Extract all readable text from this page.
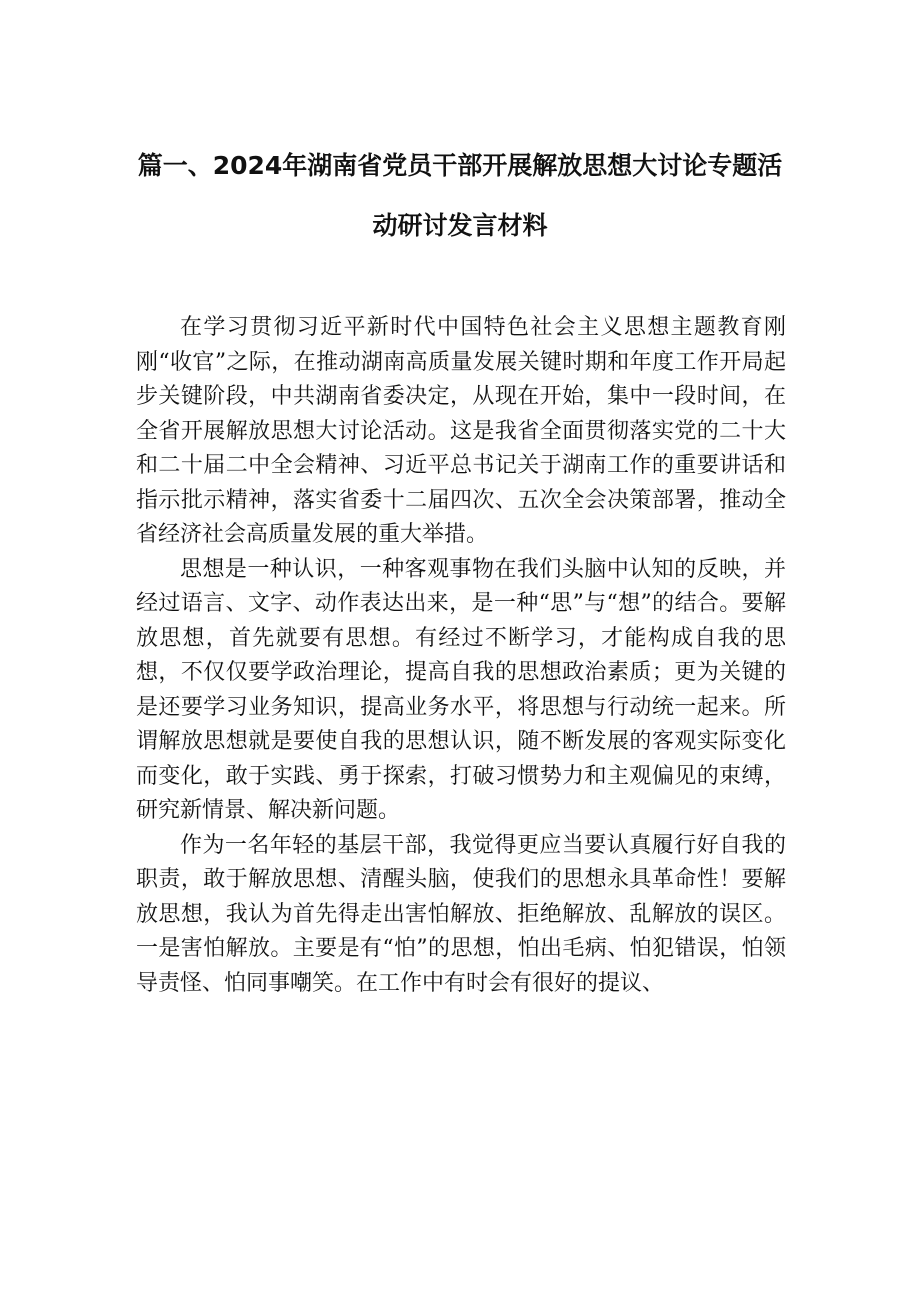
篇一、2024年湖南省党员干部开展解放思想大讨论专题活
动研讨发言材料

在学习贯彻习近平新时代中国特色社会主义思想主题教育刚刚“收官”之际，在推动湖南高质量发展关键时期和年度工作开局起步关键阶段，中共湖南省委决定，从现在开始，集中一段时间，在全省开展解放思想大讨论活动。这是我省全面贯彻落实党的二十大和二十届二中全会精神、习近平总书记关于湖南工作的重要讲话和指示批示精神，落实省委十二届四次、五次全会决策部署，推动全省经济社会高质量发展的重大举措。

思想是一种认识，一种客观事物在我们头脑中认知的反映，并经过语言、文字、动作表达出来，是一种“思”与“想”的结合。要解放思想，首先就要有思想。有经过不断学习，才能构成自我的思想，不仅仅要学政治理论，提高自我的思想政治素质；更为关键的是还要学习业务知识，提高业务水平，将思想与行动统一起来。所谓解放思想就是要使自我的思想认识，随不断发展的客观实际变化而变化，敢于实践、勇于探索，打破习惯势力和主观偏见的束缚，研究新情景、解决新问题。

作为一名年轻的基层干部，我觉得更应当要认真履行好自我的职责，敢于解放思想、清醒头脑，使我们的思想永具革命性！要解放思想，我认为首先得走出害怕解放、拒绝解放、乱解放的误区。一是害怕解放。主要是有“怕”的思想，怕出毛病、怕犯错误，怕领导责怪、怕同事嘲笑。在工作中有时会有很好的提议、
